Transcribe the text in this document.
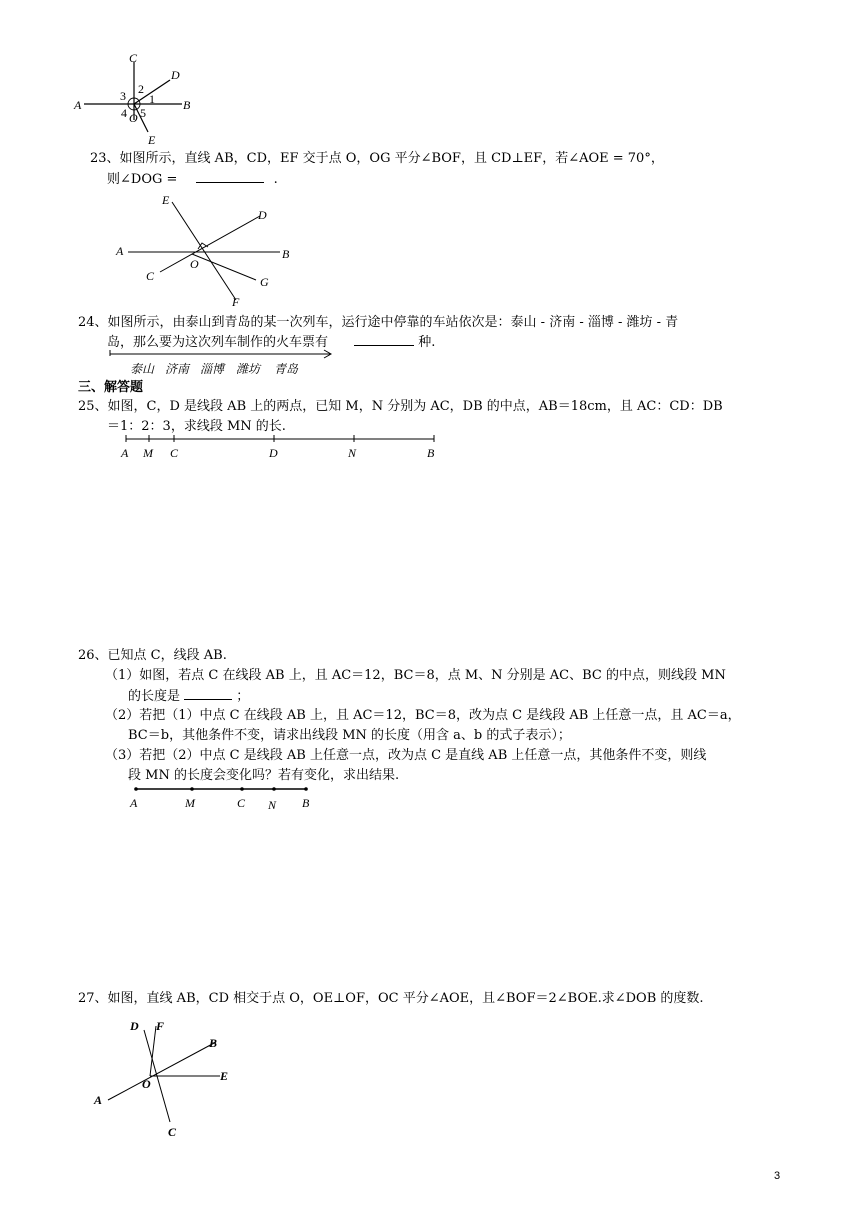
C
D
A	B
O
E
1
2
3
4 5
23、如图所示，直线 AB，CD，EF 交于点 O，OG 平分∠BOF，且 CD⊥EF，若∠AOE = 70°，
则∠DOG =	.
E
D
A	B
O
C	G
F
24、如图所示，由泰山到青岛的某一次列车，运行途中停靠的车站依次是：泰山 - 济南 - 淄博 - 潍坊 - 青
岛，那么要为这次列车制作的火车票有	种.
泰山 济南 淄博 潍坊 青岛
三、解答题
25、如图，C，D 是线段 AB 上的两点，已知 M，N 分别为 AC，DB 的中点，AB＝18cm，且 AC：CD：DB
＝1：2：3，求线段 MN 的长.
A M C	D	N	B
26、已知点 C，线段 AB.
（1）如图，若点 C 在线段 AB 上，且 AC＝12，BC＝8，点 M、N 分别是 AC、BC 的中点，则线段 MN
的长度是	；
（2）若把（1）中点 C 在线段 AB 上，且 AC＝12，BC＝8，改为点 C 是线段 AB 上任意一点，且 AC＝a，
BC＝b，其他条件不变，请求出线段 MN 的长度（用含 a、b 的式子表示）；
（3）若把（2）中点 C 是线段 AB 上任意一点，改为点 C 是直线 AB 上任意一点，其他条件不变，则线
段 MN 的长度会变化吗？若有变化，求出结果.
A	M	C N B
27、如图，直线 AB，CD 相交于点 O，OE⊥OF，OC 平分∠AOE，且∠BOF＝2∠BOE.求∠DOB 的度数.
D F
B
E
A
O
C
3
